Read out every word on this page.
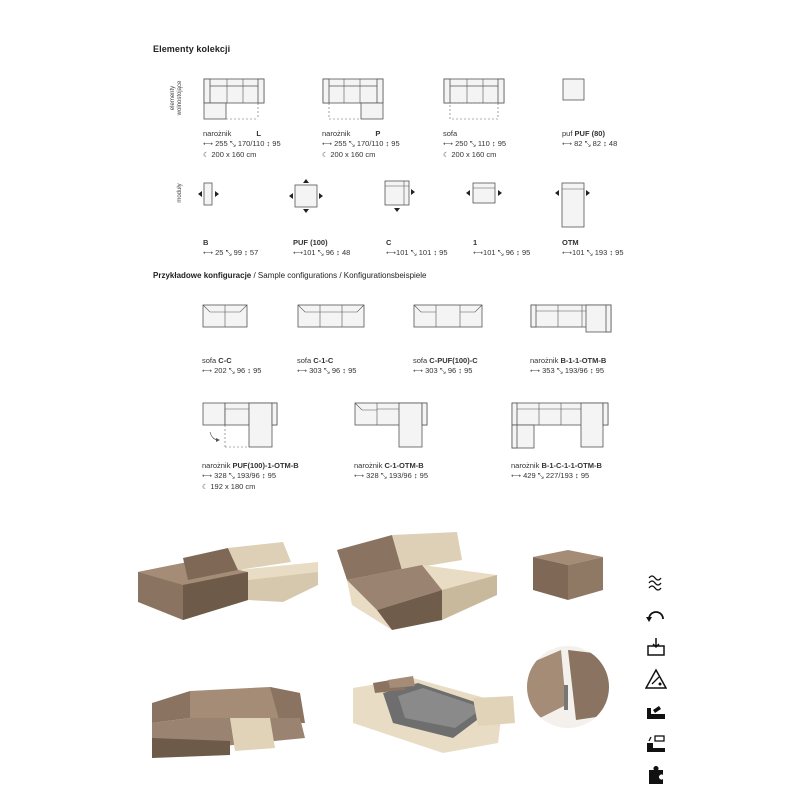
Elementy kolekcji
elementy
wolnostojące
moduły
narożnik	L
⟷ 255 ⤡ 170/110 ↕ 95
☾ 200 x 160 cm
narożnik	P
⟷ 255 ⤡ 170/110 ↕ 95
☾ 200 x 160 cm
sofa
⟷ 250 ⤡ 110 ↕ 95
☾ 200 x 160 cm
puf PUF (80)
⟷ 82 ⤡ 82 ↕ 48
B
⟷ 25 ⤡ 99 ↕ 57
PUF (100)
⟷101 ⤡ 96 ↕ 48
C
⟷101 ⤡ 101 ↕ 95
1
⟷101 ⤡ 96 ↕ 95
OTM
⟷101 ⤡ 193 ↕ 95
Przykładowe konfiguracje / Sample configurations / Konfigurationsbeispiele
sofa C-C
⟷ 202 ⤡ 96 ↕ 95
sofa C-1-C
⟷ 303 ⤡ 96 ↕ 95
sofa C-PUF(100)-C
⟷ 303 ⤡ 96 ↕ 95
narożnik B-1-1-OTM-B
⟷ 353 ⤡ 193/96 ↕ 95
narożnik PUF(100)-1-OTM-B
⟷ 328 ⤡ 193/96 ↕ 95
☾ 192 x 180 cm
narożnik C-1-OTM-B
⟷ 328 ⤡ 193/96 ↕ 95
narożnik B-1-C-1-1-OTM-B
⟷ 429 ⤡ 227/193 ↕ 95
